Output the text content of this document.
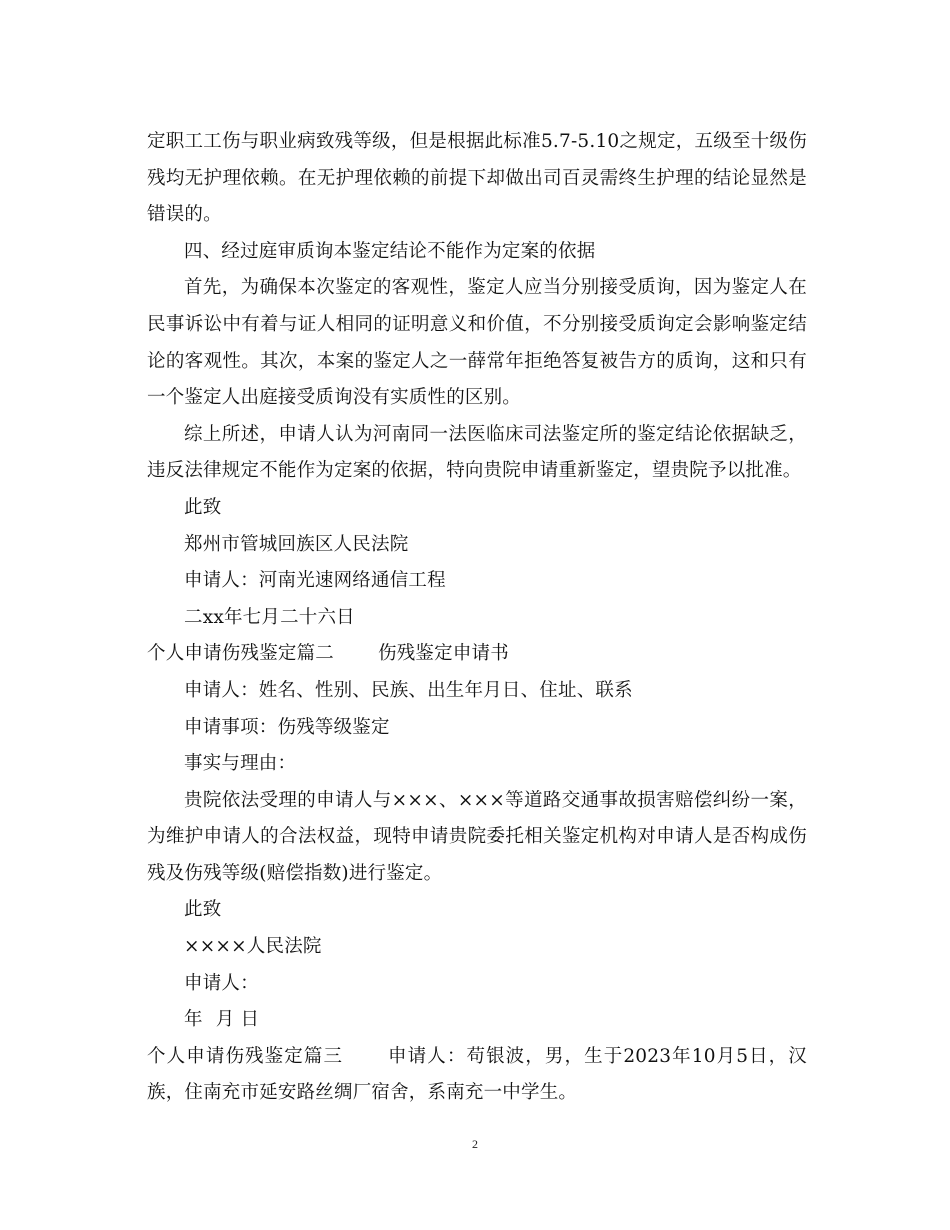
定职工工伤与职业病致残等级，但是根据此标准5.7-5.10之规定，五级至十级伤残均无护理依赖。在无护理依赖的前提下却做出司百灵需终生护理的结论显然是错误的。

四、经过庭审质询本鉴定结论不能作为定案的依据

首先，为确保本次鉴定的客观性，鉴定人应当分别接受质询，因为鉴定人在民事诉讼中有着与证人相同的证明意义和价值，不分别接受质询定会影响鉴定结论的客观性。其次，本案的鉴定人之一薛常年拒绝答复被告方的质询，这和只有一个鉴定人出庭接受质询没有实质性的区别。

综上所述，申请人认为河南同一法医临床司法鉴定所的鉴定结论依据缺乏，违反法律规定不能作为定案的依据，特向贵院申请重新鉴定，望贵院予以批准。

此致

郑州市管城回族区人民法院

申请人：河南光速网络通信工程

二xx年七月二十六日

个人申请伤残鉴定篇二 伤残鉴定申请书

申请人：姓名、性别、民族、出生年月日、住址、联系

申请事项：伤残等级鉴定

事实与理由：

贵院依法受理的申请人与×××、×××等道路交通事故损害赔偿纠纷一案，为维护申请人的合法权益，现特申请贵院委托相关鉴定机构对申请人是否构成伤残及伤残等级(赔偿指数)进行鉴定。

此致

××××人民法院

申请人：

年 月 日

个人申请伤残鉴定篇三 申请人：苟银波，男，生于2023年10月5日，汉族，住南充市延安路丝绸厂宿舍，系南充一中学生。

2
